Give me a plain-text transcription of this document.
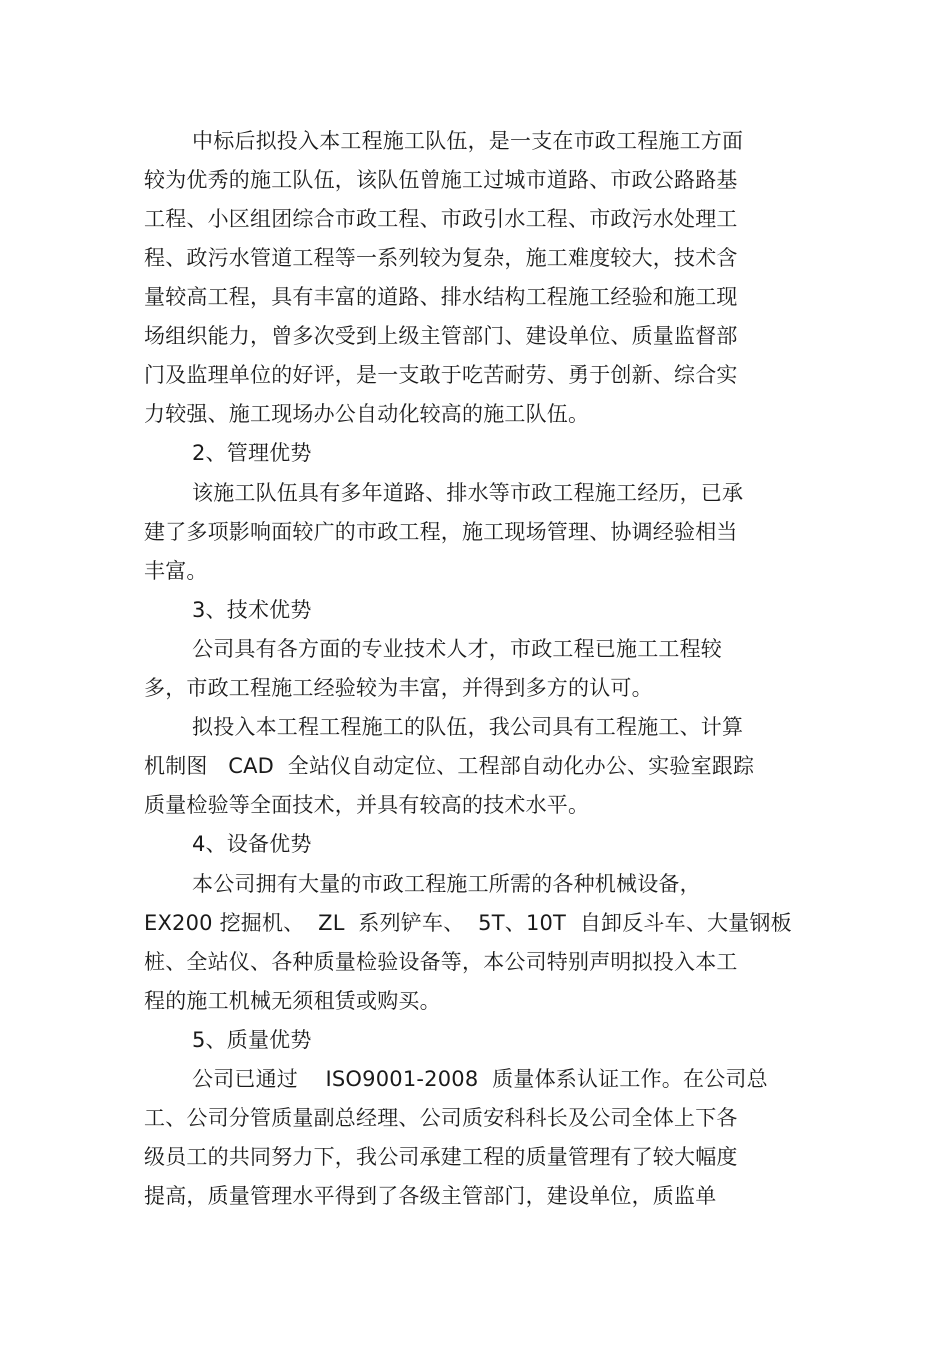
中标后拟投入本工程施工队伍，是一支在市政工程施工方面
较为优秀的施工队伍，该队伍曾施工过城市道路、市政公路路基
工程、小区组团综合市政工程、市政引水工程、市政污水处理工
程、政污水管道工程等一系列较为复杂，施工难度较大，技术含
量较高工程，具有丰富的道路、排水结构工程施工经验和施工现
场组织能力，曾多次受到上级主管部门、建设单位、质量监督部
门及监理单位的好评，是一支敢于吃苦耐劳、勇于创新、综合实
力较强、施工现场办公自动化较高的施工队伍。
2、管理优势
该施工队伍具有多年道路、排水等市政工程施工经历，已承
建了多项影响面较广的市政工程，施工现场管理、协调经验相当
丰富。
3、技术优势
公司具有各方面的专业技术人才，市政工程已施工工程较
多，市政工程施工经验较为丰富，并得到多方的认可。
拟投入本工程工程施工的队伍，我公司具有工程施工、计算
机制图   CAD  全站仪自动定位、工程部自动化办公、实验室跟踪
质量检验等全面技术，并具有较高的技术水平。
4、设备优势
本公司拥有大量的市政工程施工所需的各种机械设备，
EX200 挖掘机、  ZL  系列铲车、  5T、10T  自卸反斗车、大量钢板
桩、全站仪、各种质量检验设备等，本公司特别声明拟投入本工
程的施工机械无须租赁或购买。
5、质量优势
公司已通过    ISO9001-2008  质量体系认证工作。在公司总
工、公司分管质量副总经理、公司质安科科长及公司全体上下各
级员工的共同努力下，我公司承建工程的质量管理有了较大幅度
提高，质量管理水平得到了各级主管部门，建设单位，质监单
